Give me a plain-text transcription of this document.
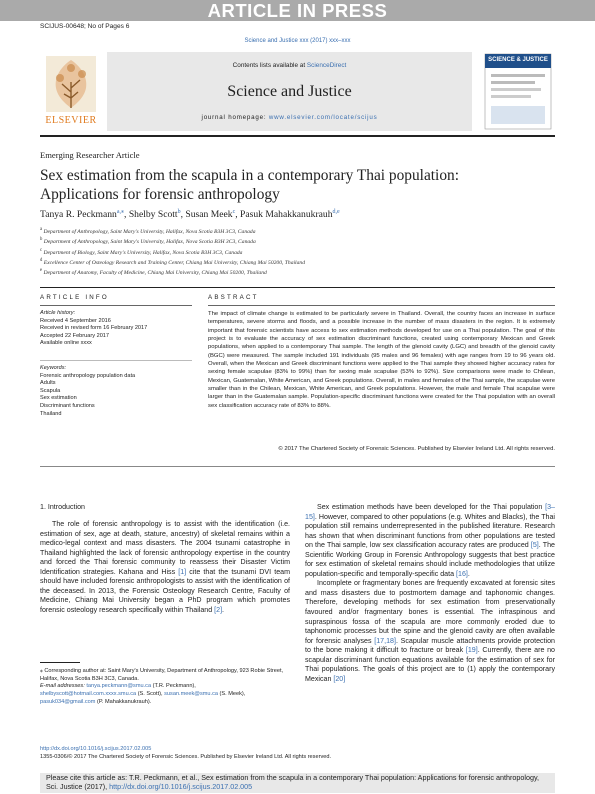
ARTICLE IN PRESS
SCIJUS-00648; No of Pages 6
Science and Justice xxx (2017) xxx–xxx
ELSEVIER
Contents lists available at ScienceDirect
Science and Justice
journal homepage: www.elsevier.com/locate/scijus
SCIENCE & JUSTICE
Emerging Researcher Article
Sex estimation from the scapula in a contemporary Thai population:
Applications for forensic anthropology
Tanya R. Peckmann$^{a,⁎}$, Shelby Scott$^b$, Susan Meek$^c$, Pasuk Mahakkanukrauh$^{d,e}$
$^a$ Department of Anthropology, Saint Mary's University, Halifax, Nova Scotia B3H 3C3, Canada
$^b$ Department of Anthropology, Saint Mary's University, Halifax, Nova Scotia B3H 3C3, Canada
$^c$ Department of Biology, Saint Mary's University, Halifax, Nova Scotia B3H 3C3, Canada
$^d$ Excellence Center of Osteology Research and Training Center, Chiang Mai University, Chiang Mai 50200, Thailand
$^e$ Department of Anatomy, Faculty of Medicine, Chiang Mai University, Chiang Mai 50200, Thailand
ARTICLE INFO
Article history:
Received 4 September 2016
Received in revised form 16 February 2017
Accepted 22 February 2017
Available online xxxx
Keywords:
Forensic anthropology population data
Adults
Scapula
Sex estimation
Discriminant functions
Thailand
ABSTRACT
The impact of climate change is estimated to be particularly severe in Thailand. Overall, the country faces an increase in surface temperatures, severe storms and floods, and a possible increase in the number of mass disasters in the region. It is extremely important that forensic scientists have access to sex estimation methods developed for use on a Thai population. The goal of this project is to evaluate the accuracy of sex estimation discriminant functions, created using contemporary Mexican and Greek populations, when applied to a contemporary Thai sample. The length of the glenoid cavity (LGC) and breadth of the glenoid cavity (BGC) were measured. The sample included 191 individuals (95 males and 96 females) with age ranges from 19 to 96 years old. Overall, when the Mexican and Greek discriminant functions were applied to the Thai sample they showed higher accuracy rates for sexing female scapulae (83% to 99%) than for sexing male scapulae (53% to 92%). Size comparisons were made to Chilean, Mexican, Guatemalan, White American, and Greek populations. Overall, in males and females of the Thai sample, the scapulae were smaller than in the Chilean, Mexican, White American, and Greek populations. However, the male and female Thai scapulae were larger than in the Guatemalan sample. Population-specific discriminant functions were created for the Thai population with an overall sex classification accuracy rate of 83% to 88%.
© 2017 The Chartered Society of Forensic Sciences. Published by Elsevier Ireland Ltd. All rights reserved.
1. Introduction

The role of forensic anthropology is to assist with the identification (i.e. estimation of sex, age at death, stature, ancestry) of skeletal remains within a medico-legal context and mass disasters. The 2004 tsunami catastrophe in Thailand highlighted the lack of forensic anthropology expertise in the country and forced the Thai forensic community to reassess their Disaster Victim Identification strategies. Kahana and Hiss [1] cite that the tsunami DVI team should have included forensic anthropologists to assist with the identification of the deceased. In 2013, the Forensic Osteology Research Centre, Faculty of Medicine, Chiang Mai University began a PhD program which promotes forensic osteology research specifically within Thailand [2].

Sex estimation methods have been developed for the Thai population [3–15]. However, compared to other populations (e.g. Whites and Blacks), the Thai population still remains underrepresented in the published literature. Research has shown that when discriminant functions from other populations are tested on the Thai sample, low sex classification accuracy rates are produced [5]. The Scientific Working Group in Forensic Anthropology suggests that best practice for sex estimation of skeletal remains should include methodologies that utilize population-specific and temporally-specific data [16].

Incomplete or fragmentary bones are frequently excavated at forensic sites and mass disasters due to postmortem damage and taphonomic changes. Therefore, developing methods for sex estimation from preservationally favoured and/or fragmentary bones is essential. The infraspinous and supraspinous fossa of the scapula are more commonly eroded due to taphonomic processes but the spine and the glenoid cavity are often available for forensic analyses [17,18]. Scapular muscle attachments provide protection to the bone making it difficult to fracture or break [19]. Currently, there are no scapular discriminant function equations available for the estimation of sex for Thai populations. The goals of this project are to (1) apply the contemporary Mexican [20]

⁎ Corresponding author at: Saint Mary's University, Department of Anthropology, 923 Robie Street, Halifax, Nova Scotia B3H 3C3, Canada.
E-mail addresses: tanya.peckmann@smu.ca (T.R. Peckmann),
shelbyscott@hotmail.com.xxxx.smu.ca (S. Scott), susan.meek@smu.ca (S. Meek),
pasuk034@gmail.com (P. Mahakkanukrauh).
http://dx.doi.org/10.1016/j.scijus.2017.02.005
1355-0306/© 2017 The Chartered Society of Forensic Sciences. Published by Elsevier Ireland Ltd. All rights reserved.
Please cite this article as: T.R. Peckmann, et al., Sex estimation from the scapula in a contemporary Thai population: Applications for forensic anthropology, Sci. Justice (2017), http://dx.doi.org/10.1016/j.scijus.2017.02.005
